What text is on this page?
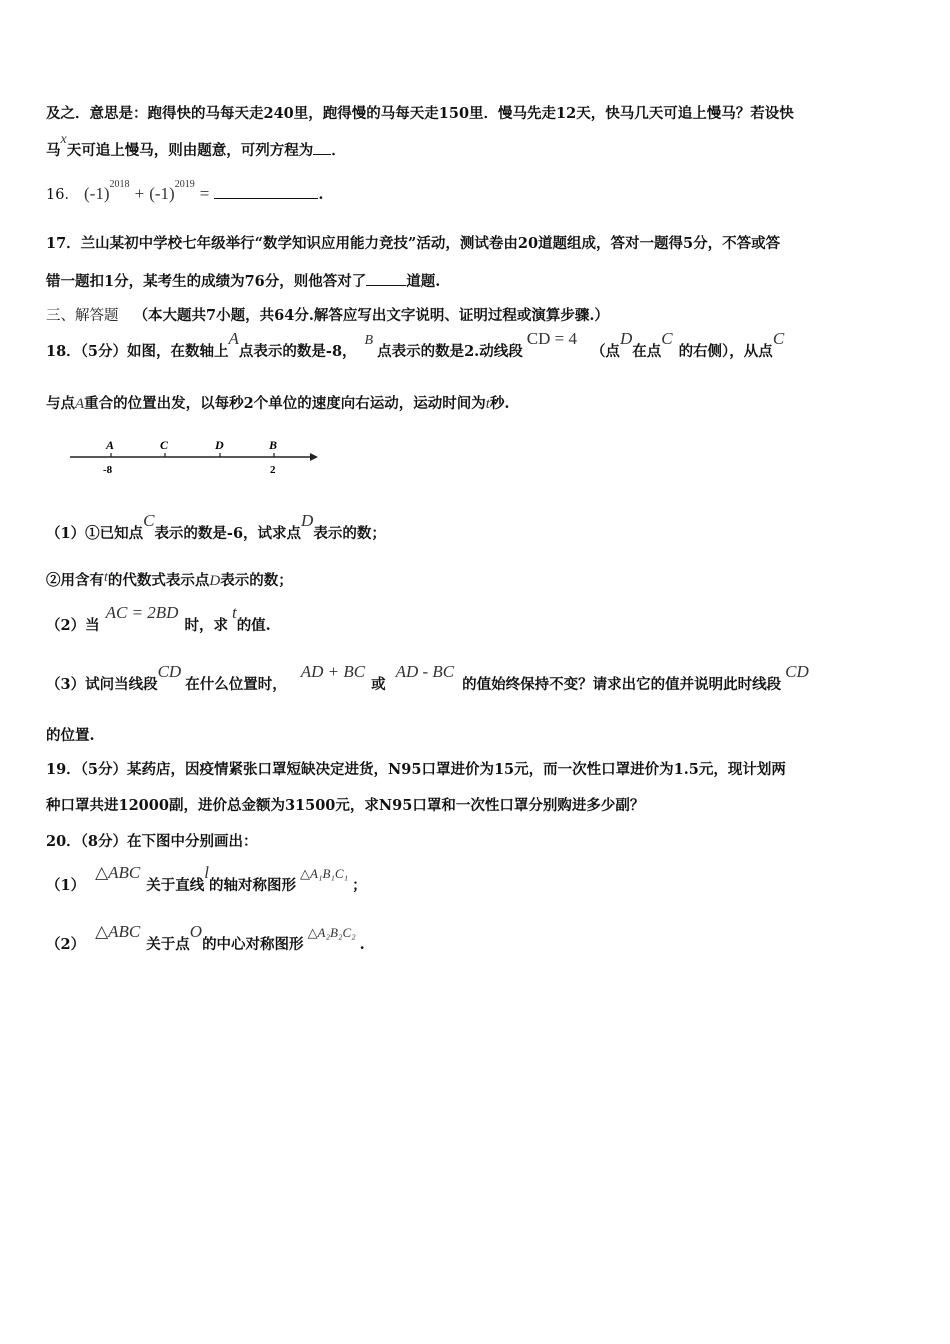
及之．意思是：跑得快的马每天走240里，跑得慢的马每天走150里．慢马先走12天，快马几天可追上慢马？若设快
马x天可追上慢马，则由题意，可列方程为 ．
16． $(-1)^{2018} + (-1)^{2019}$ =	.
17．兰山某初中学校七年级举行“数学知识应用能力竞技”活动，测试卷由20道题组成，答对一题得5分，不答或答
错一题扣1分，某考生的成绩为76分，则他答对了	道题.
三、解答题 （本大题共7小题，共64分.解答应写出文字说明、证明过程或演算步骤.）
18．（5分）如图，在数轴上A点表示的数是-8，B点表示的数是2.动线段CD = 4（点D在点C的右侧），从点C
与点A重合的位置出发，以每秒2个单位的速度向右运动，运动时间为t秒.
A	C	D	B
-8	2
（1）①已知点C表示的数是-6，试求点D表示的数；
②用含有t的代数式表示点D表示的数；
（2）当AC = 2BD时，求t的值.
（3）试问当线段CD在什么位置时，AD + BC或AD - BC的值始终保持不变？请求出它的值并说明此时线段CD
的位置.
19．（5分）某药店，因疫情紧张口罩短缺决定进货，N95口罩进价为15元，而一次性口罩进价为1.5元，现计划两
种口罩共进12000副，进价总金额为31500元，求N95口罩和一次性口罩分别购进多少副？
20．（8分）在下图中分别画出：
（1）△ABC关于直线l的轴对称图形△A₁B₁C₁；
（2）△ABC关于点O的中心对称图形△A₂B₂C₂.
